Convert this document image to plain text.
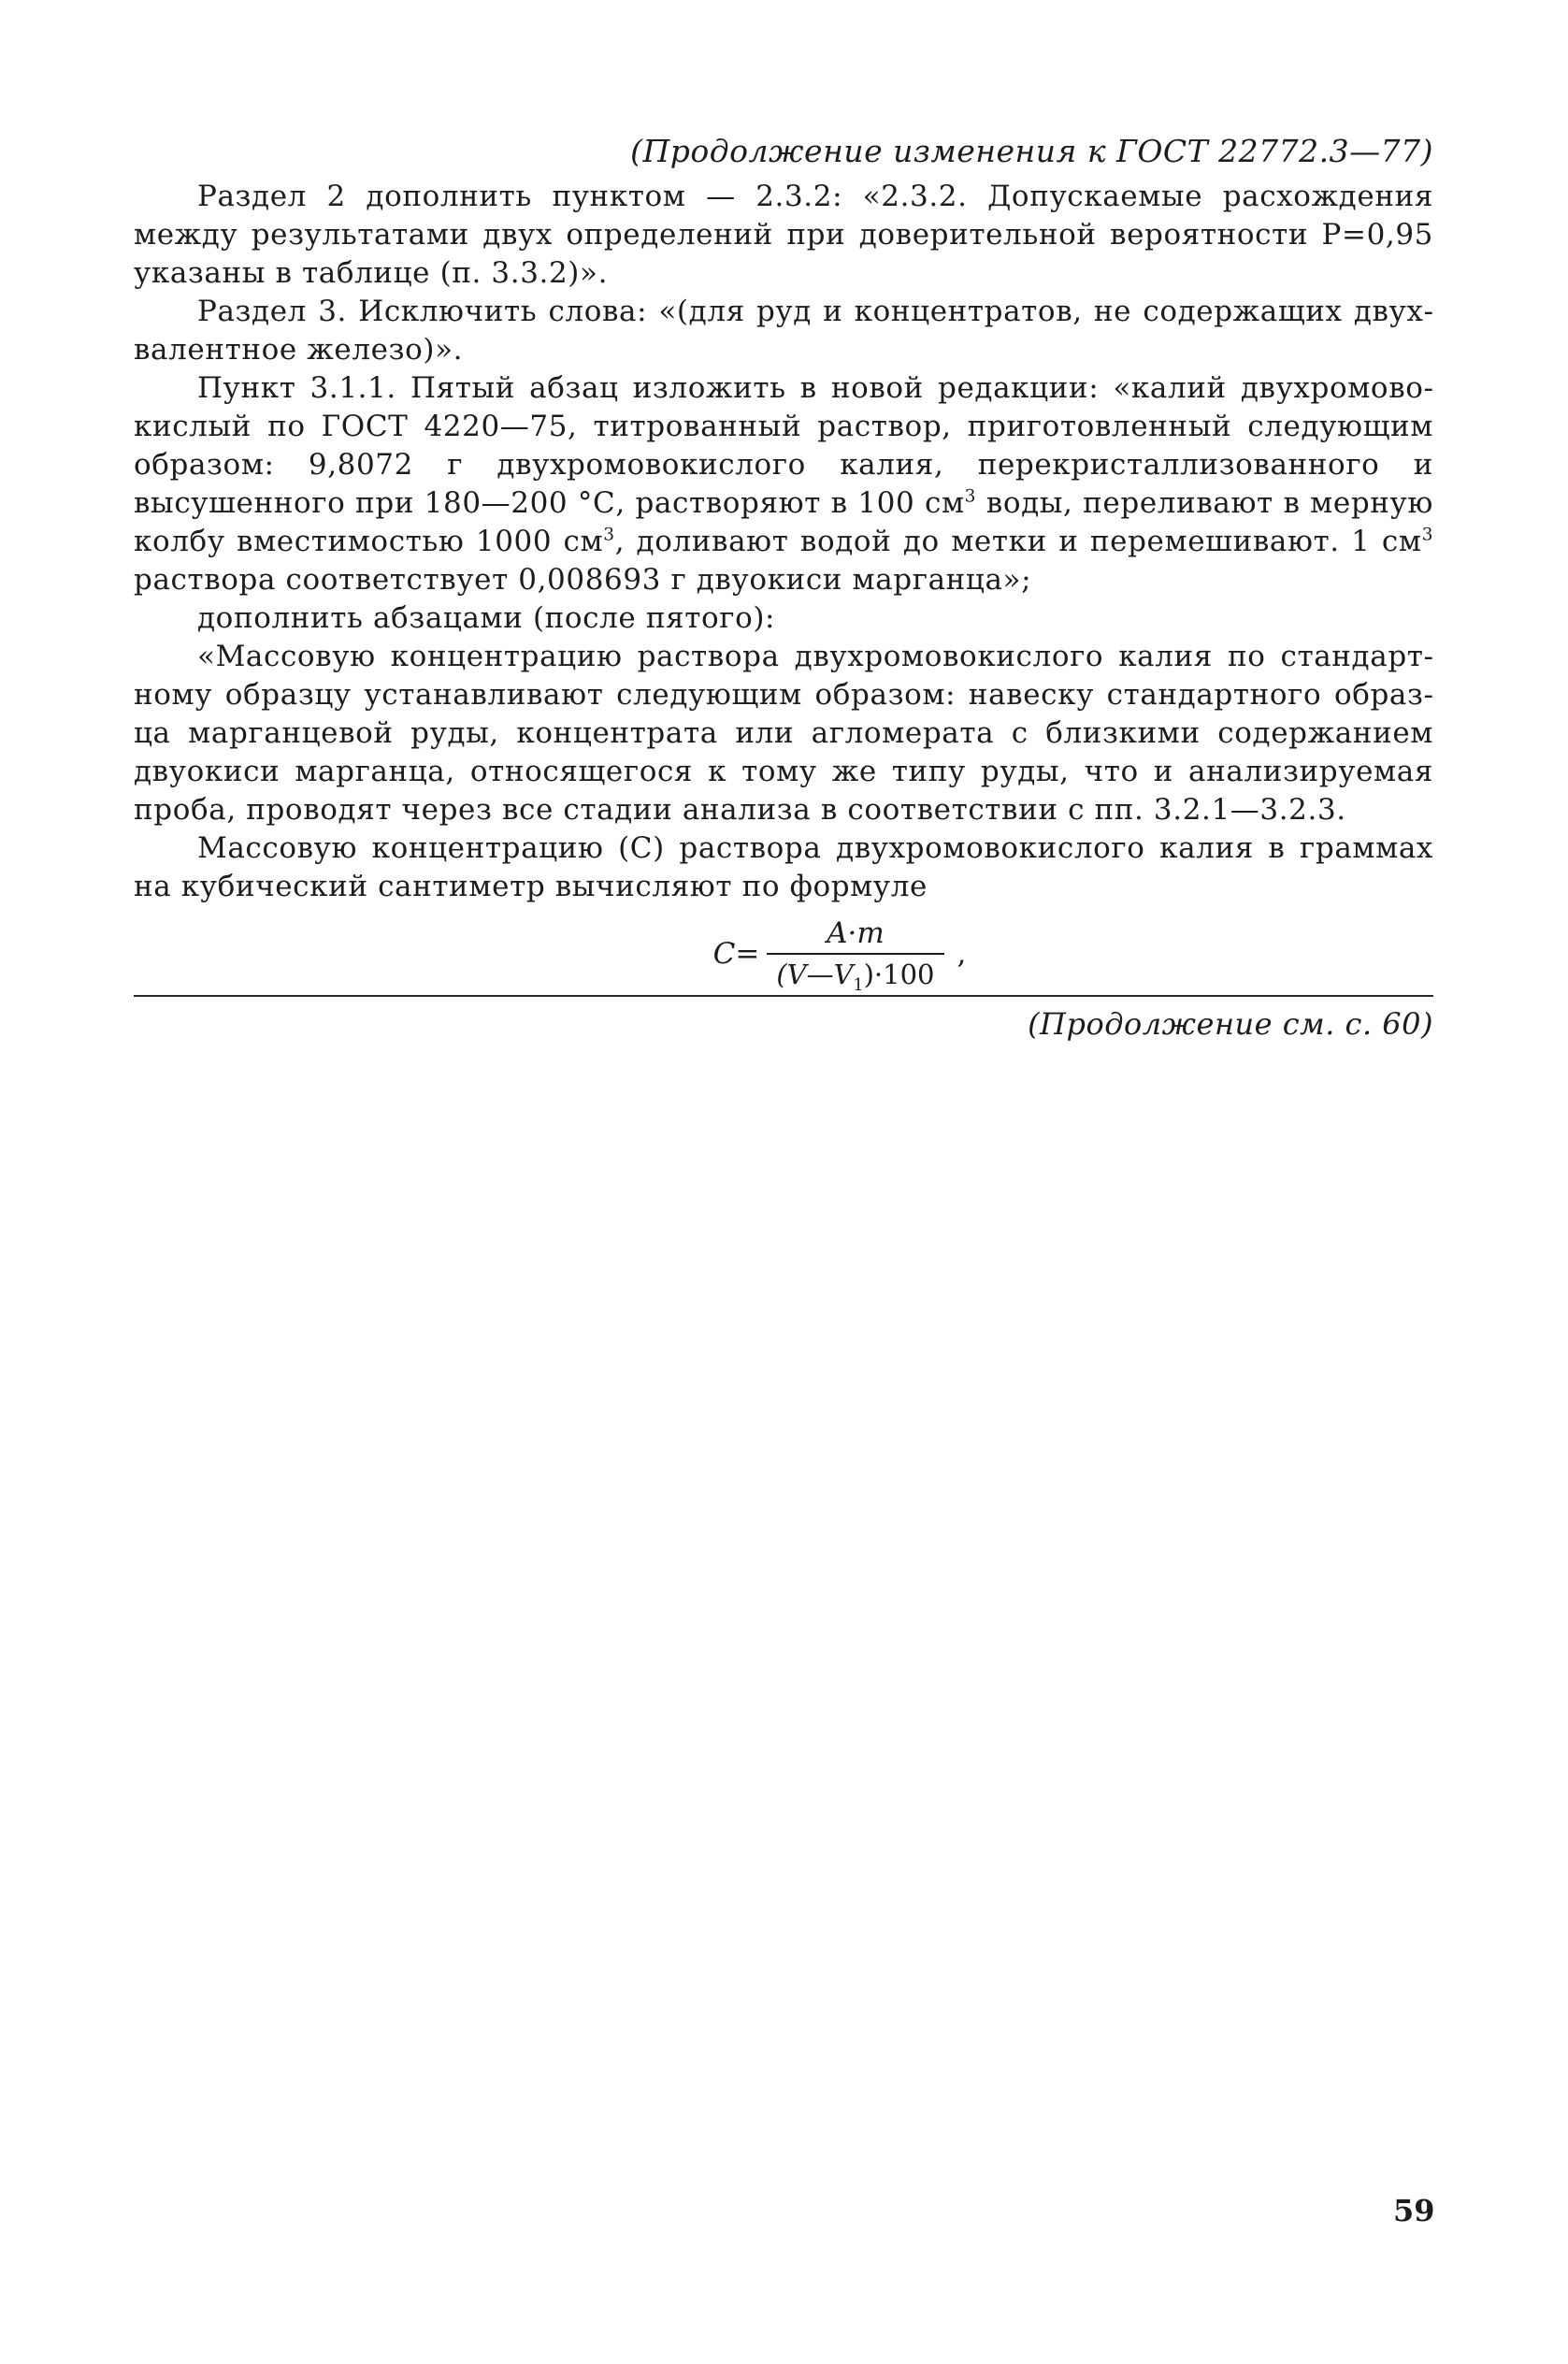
(Продолжение изменения к ГОСТ 22772.3—77)

Раздел 2 дополнить пунктом — 2.3.2: «2.3.2. Допускаемые расхождения между результатами двух определений при доверительной вероятности P=0,95 указаны в таблице (п. 3.3.2)».

Раздел 3. Исключить слова: «(для руд и концентратов, не содержащих двухвалентное железо)».

Пункт 3.1.1. Пятый абзац изложить в новой редакции: «калий двухромовокислый по ГОСТ 4220—75, титрованный раствор, приготовленный следующим образом: 9,8072 г двухромовокислого калия, перекристаллизованного и высушенного при 180—200 °С, растворяют в 100 $см^3$ воды, переливают в мерную колбу вместимостью 1000 $см^3$, доливают водой до метки и перемешивают. 1 $см^3$ раствора соответствует 0,008693 г двуокиси марганца»;

дополнить абзацами (после пятого):

«Массовую концентрацию раствора двухромовокислого калия по стандартному образцу устанавливают следующим образом: навеску стандартного образца марганцевой руды, концентрата или агломерата с близкими содержанием двуокиси марганца, относящегося к тому же типу руды, что и анализируемая проба, проводят через все стадии анализа в соответствии с пп. 3.2.1—3.2.3.

Массовую концентрацию (C) раствора двухромовокислого калия в граммах на кубический сантиметр вычисляют по формуле

$C= \frac{A\cdot m}{(V—V_1)\cdot 100}$ ,
(Продолжение см. с. 60)
59
